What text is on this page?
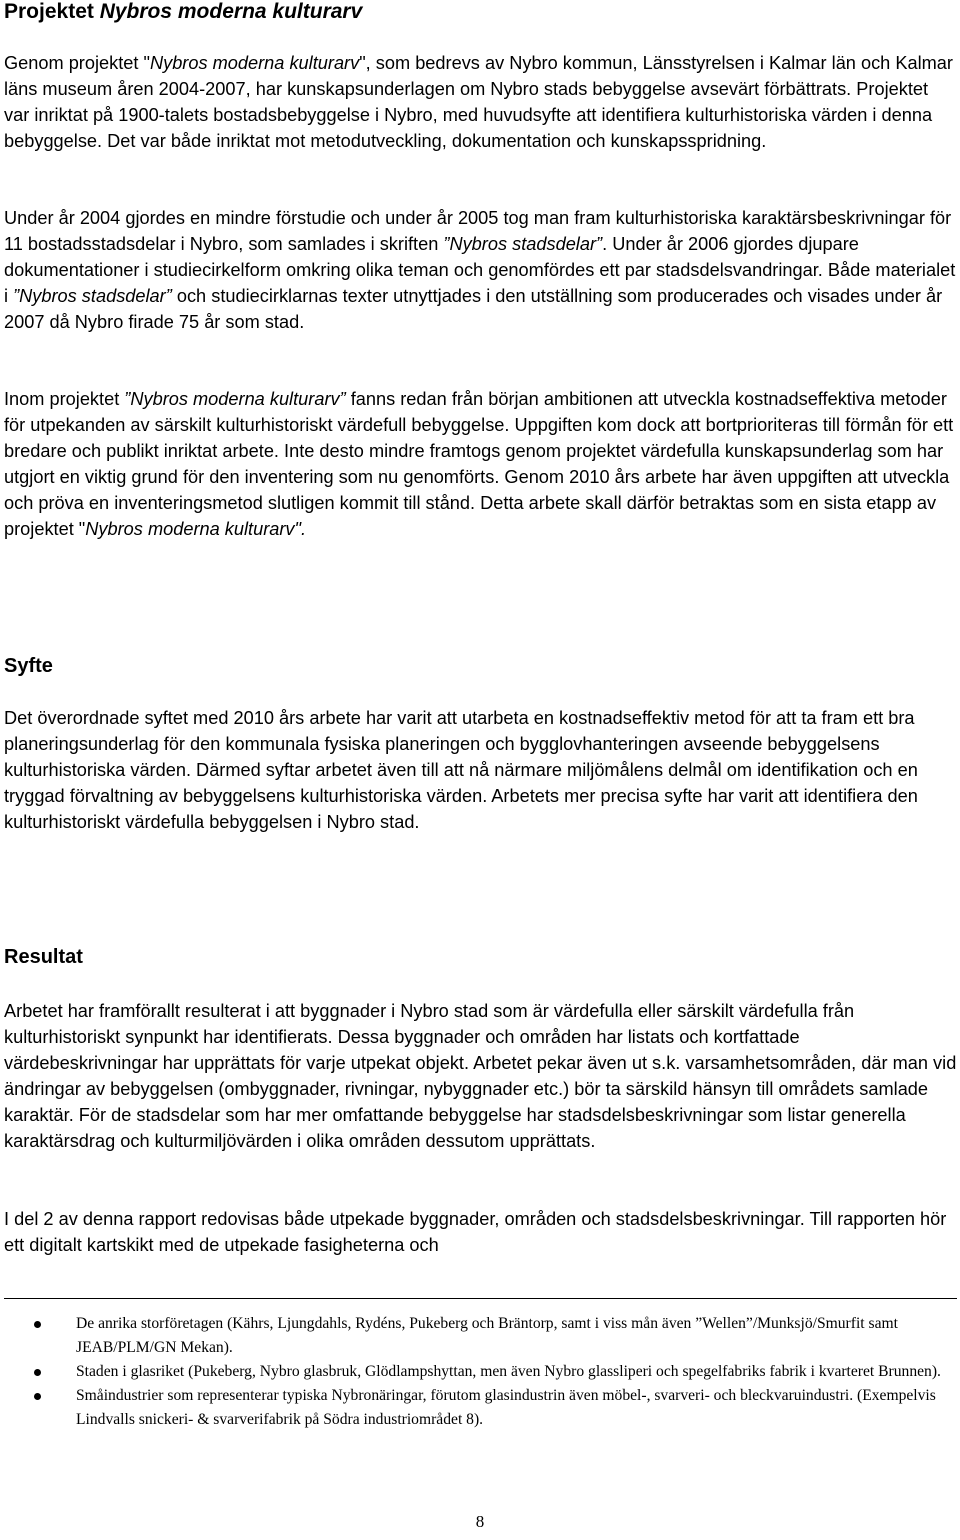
Projektet Nybros moderna kulturarv

Genom projektet "Nybros moderna kulturarv", som bedrevs av Nybro kommun, Länsstyrelsen i Kalmar län och Kalmar läns museum åren 2004-2007, har kunskapsunderlagen om Nybro stads bebyggelse avsevärt förbättrats. Projektet var inriktat på 1900-talets bostadsbebyggelse i Nybro, med huvudsyfte att identifiera kulturhistoriska värden i denna bebyggelse. Det var både inriktat mot metodutveckling, dokumentation och kunskapsspridning.

Under år 2004 gjordes en mindre förstudie och under år 2005 tog man fram kulturhistoriska karaktärsbeskrivningar för 11 bostadsstadsdelar i Nybro, som samlades i skriften ”Nybros stadsdelar”. Under år 2006 gjordes djupare dokumentationer i studiecirkelform omkring olika teman och genomfördes ett par stadsdelsvandringar. Både materialet i ”Nybros stadsdelar” och studiecirklarnas texter utnyttjades i den utställning som producerades och visades under år 2007 då Nybro firade 75 år som stad.

Inom projektet ”Nybros moderna kulturarv” fanns redan från början ambitionen att utveckla kostnadseffektiva metoder för utpekanden av särskilt kulturhistoriskt värdefull bebyggelse. Uppgiften kom dock att bortprioriteras till förmån för ett bredare och publikt inriktat arbete. Inte desto mindre framtogs genom projektet värdefulla kunskapsunderlag som har utgjort en viktig grund för den inventering som nu genomförts. Genom 2010 års arbete har även uppgiften att utveckla och pröva en inventeringsmetod slutligen kommit till stånd. Detta arbete skall därför betraktas som en sista etapp av projektet "Nybros moderna kulturarv".

Syfte

Det överordnade syftet med 2010 års arbete har varit att utarbeta en kostnadseffektiv metod för att ta fram ett bra planeringsunderlag för den kommunala fysiska planeringen och bygglovhanteringen avseende bebyggelsens kulturhistoriska värden. Därmed syftar arbetet även till att nå närmare miljömålens delmål om identifikation och en tryggad förvaltning av bebyggelsens kulturhistoriska värden. Arbetets mer precisa syfte har varit att identifiera den kulturhistoriskt värdefulla bebyggelsen i Nybro stad.

Resultat

Arbetet har framförallt resulterat i att byggnader i Nybro stad som är värdefulla eller särskilt värdefulla från kulturhistoriskt synpunkt har identifierats. Dessa byggnader och områden har listats och kortfattade värdebeskrivningar har upprättats för varje utpekat objekt. Arbetet pekar även ut s.k. varsamhetsområden, där man vid ändringar av bebyggelsen (ombyggnader, rivningar, nybyggnader etc.) bör ta särskild hänsyn till områdets samlade karaktär. För de stadsdelar som har mer omfattande bebyggelse har stadsdelsbeskrivningar som listar generella karaktärsdrag och kulturmiljövärden i olika områden dessutom upprättats.

I del 2 av denna rapport redovisas både utpekade byggnader, områden och stadsdelsbeskrivningar. Till rapporten hör ett digitalt kartskikt med de utpekade fasigheterna och

De anrika storföretagen (Kährs, Ljungdahls, Rydéns, Pukeberg och Bräntorp, samt i viss mån även ”Wellen”/Munksjö/Smurfit samt JEAB/PLM/GN Mekan).
Staden i glasriket (Pukeberg, Nybro glasbruk, Glödlampshyttan, men även Nybro glassliperi och spegelfabriks fabrik i kvarteret Brunnen).
Småindustrier som representerar typiska Nybronäringar, förutom glasindustrin även möbel-, svarveri- och bleckvaruindustri. (Exempelvis Lindvalls snickeri- & svarverifabrik på Södra industriområdet 8).
8
